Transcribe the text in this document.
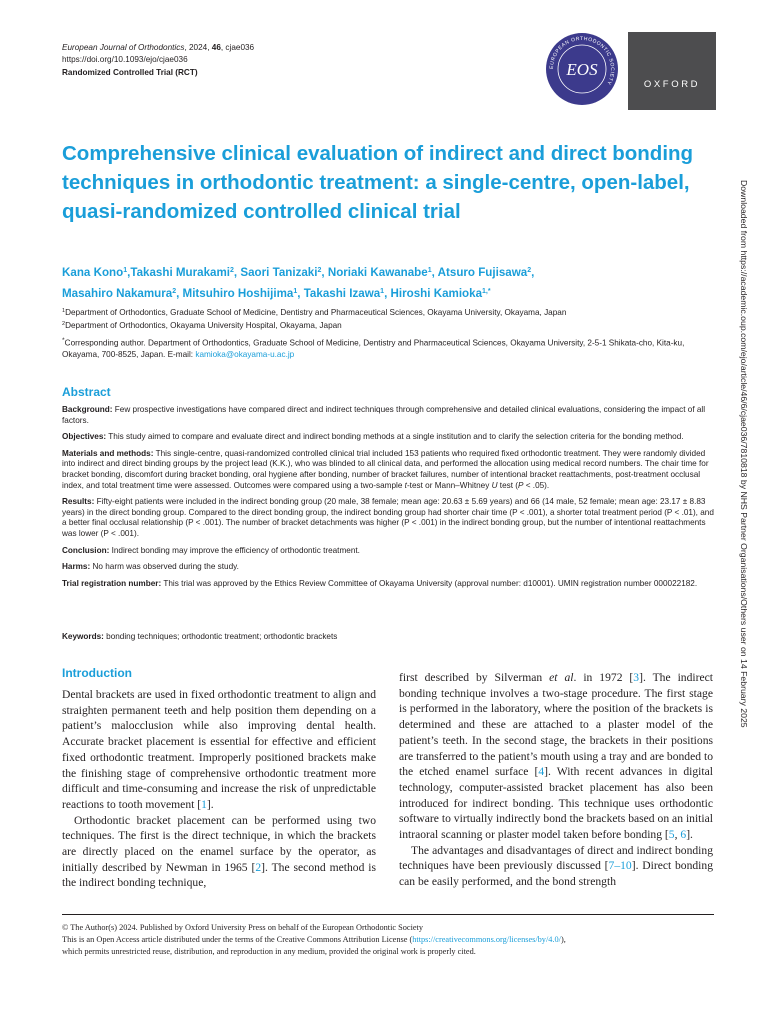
European Journal of Orthodontics, 2024, 46, cjae036
https://doi.org/10.1093/ejo/cjae036
Randomized Controlled Trial (RCT)
EUROPEAN ORTHODONTIC SOCIETY
EOS
OXFORD
Comprehensive clinical evaluation of indirect and direct bonding techniques in orthodontic treatment: a single-centre, open-label, quasi-randomized controlled clinical trial
Kana Kono$^1$,Takashi Murakami$^2$, Saori Tanizaki$^2$, Noriaki Kawanabe$^1$, Atsuro Fujisawa$^2$,
Masahiro Nakamura$^2$, Mitsuhiro Hoshijima$^1$, Takashi Izawa$^1$, Hiroshi Kamioka$^{1,*}$
$^1$Department of Orthodontics, Graduate School of Medicine, Dentistry and Pharmaceutical Sciences, Okayama University, Okayama, Japan
$^2$Department of Orthodontics, Okayama University Hospital, Okayama, Japan
*Corresponding author. Department of Orthodontics, Graduate School of Medicine, Dentistry and Pharmaceutical Sciences, Okayama University, 2-5-1 Shikata-cho, Kita-ku, Okayama, 700-8525, Japan. E-mail: kamioka@okayama-u.ac.jp
Abstract

Background: Few prospective investigations have compared direct and indirect techniques through comprehensive and detailed clinical evaluations, considering the impact of all factors.

Objectives: This study aimed to compare and evaluate direct and indirect bonding methods at a single institution and to clarify the selection criteria for the bonding method.

Materials and methods: This single-centre, quasi-randomized controlled clinical trial included 153 patients who required fixed orthodontic treatment. They were randomly divided into indirect and direct binding groups by the project lead (K.K.), who was blinded to all clinical data, and performed the allocation using medical record numbers. The chair time for bracket bonding, discomfort during bracket bonding, oral hygiene after bonding, number of bracket failures, number of intentional bracket reattachments, post-treatment occlusal index, and total treatment time were assessed. Outcomes were compared using a two-sample t-test or Mann–Whitney U test (P < .05).

Results: Fifty-eight patients were included in the indirect bonding group (20 male, 38 female; mean age: 20.63 ± 5.69 years) and 66 (14 male, 52 female; mean age: 23.17 ± 8.83 years) in the direct bonding group. Compared to the direct bonding group, the indirect bonding group had shorter chair time (P < .001), a shorter total treatment period (P < .01), and a better final occlusal relationship (P < .001). The number of bracket detachments was higher (P < .001) in the indirect bonding group, but the number of intentional reattachments was lower (P < .001).

Conclusion: Indirect bonding may improve the efficiency of orthodontic treatment.

Harms: No harm was observed during the study.

Trial registration number: This trial was approved by the Ethics Review Committee of Okayama University (approval number: d10001). UMIN registration number 000022182.

Keywords: bonding techniques; orthodontic treatment; orthodontic brackets
Introduction

Dental brackets are used in fixed orthodontic treatment to align and straighten permanent teeth and help position them depending on a patient’s malocclusion while also improving dental health. Accurate bracket placement is essential for effective and efficient fixed orthodontic treatment. Improperly positioned brackets make the finishing stage of comprehensive orthodontic treatment more difficult and time-consuming and increase the risk of unpredictable reactions to tooth movement [1].

Orthodontic bracket placement can be performed using two techniques. The first is the direct technique, in which the brackets are directly placed on the enamel surface by the operator, as initially described by Newman in 1965 [2]. The second method is the indirect bonding technique,

first described by Silverman et al. in 1972 [3]. The indirect bonding technique involves a two-stage procedure. The first stage is performed in the laboratory, where the position of the brackets is determined and these are attached to a plaster model of the patient’s teeth. In the second stage, the brackets in their positions are transferred to the patient’s mouth using a tray and are bonded to the etched enamel surface [4]. With recent advances in digital technology, computer-assisted bracket placement has also been introduced for indirect bonding. This technique uses orthodontic software to virtually indirectly bond the brackets based on an initial intraoral scanning or plaster model taken before bonding [5, 6].

The advantages and disadvantages of direct and indirect bonding techniques have been previously discussed [7–10]. Direct bonding can be easily performed, and the bond strength

© The Author(s) 2024. Published by Oxford University Press on behalf of the European Orthodontic Society
This is an Open Access article distributed under the terms of the Creative Commons Attribution License (https://creativecommons.org/licenses/by/4.0/),
which permits unrestricted reuse, distribution, and reproduction in any medium, provided the original work is properly cited.
Downloaded from https://academic.oup.com/ejo/article/46/6/cjae036/7810818 by NHS Partner Organisations/Others user on 14 February 2025
